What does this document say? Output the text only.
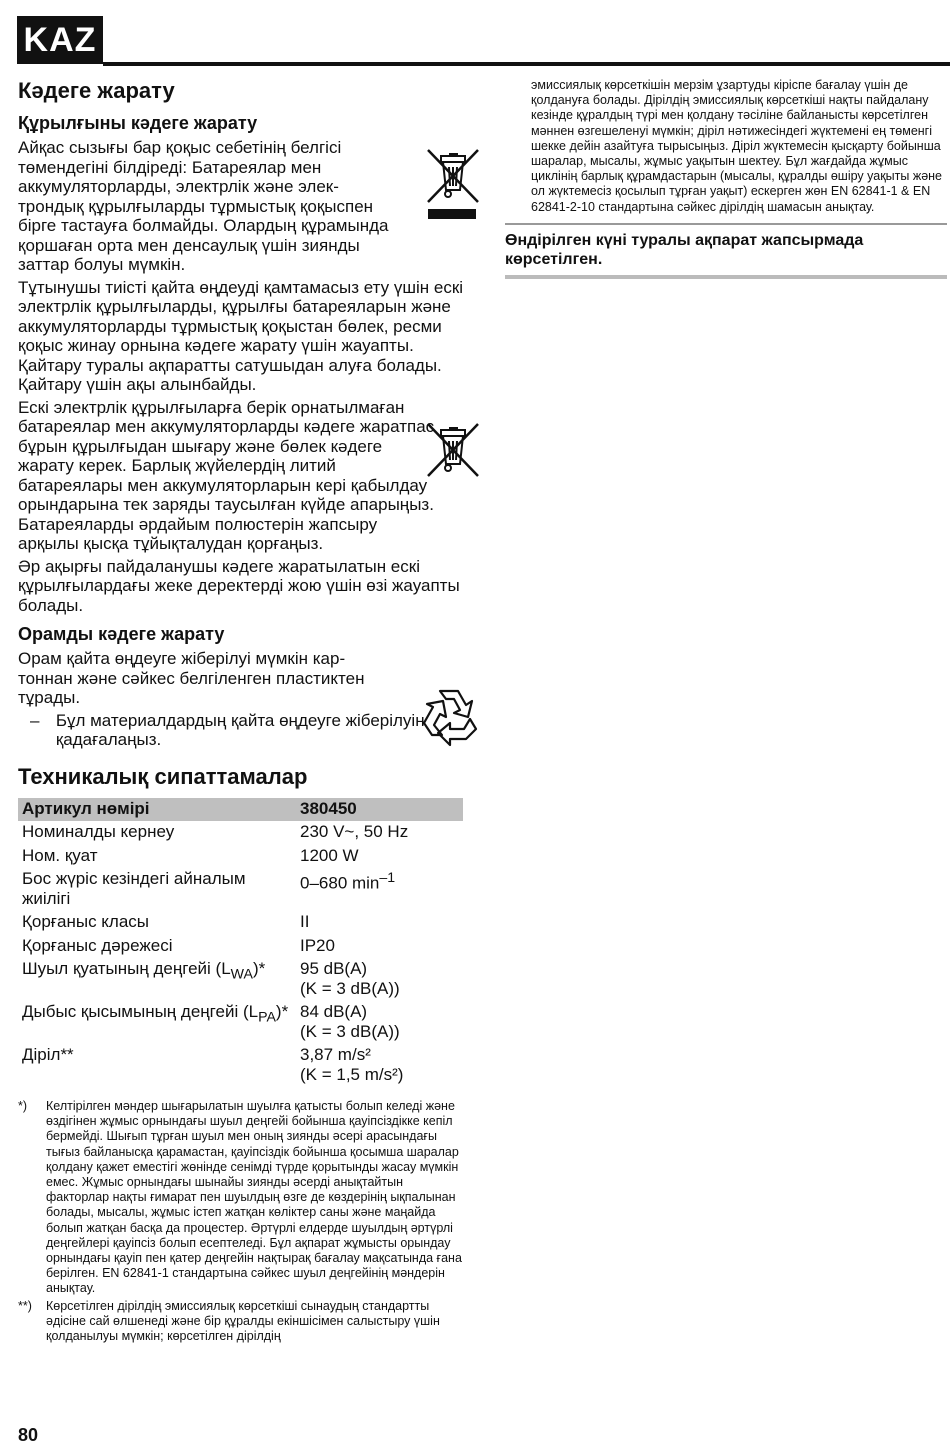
KAZ
Кәдеге жарату
Құрылғыны кәдеге жарату

Айқас сызығы бар қоқыс себетінің белгісі төмендегіні білдіреді: Батареялар мен аккумуляторларды, электрлік және электрондық құрылғыларды тұрмыстық қоқыспен бірге тастауға болмайды. Олардың құрамында қоршаған орта мен денсаулық үшін зиянды заттар болуы мүмкін.

Тұтынушы тиісті қайта өңдеуді қамтамасыз ету үшін ескі электрлік құрылғыларды, құрылғы батареяларын және аккумуляторларды тұрмыстық қоқыстан бөлек, ресми қоқыс жинау орнына кәдеге жарату үшін жауапты. Қайтару туралы ақпаратты сатушыдан алуға болады. Қайтару үшін ақы алынбайды.

Ескі электрлік құрылғыларға берік орнатылмаған батареялар мен аккумуляторларды кәдеге жаратпас бұрын құрылғыдан шығару және бөлек кәдеге жарату керек. Барлық жүйелердің литий батареялары мен аккумуляторларын кері қабылдау орындарына тек заряды таусылған күйде апарыңыз. Батареяларды әрдайым полюстерін жапсыру арқылы қысқа тұйықталудан қорғаңыз.

Әр ақырғы пайдаланушы кәдеге жаратылатын ескі құрылғылардағы жеке деректерді жою үшін өзі жауапты болады.

Орамды кәдеге жарату

Орам қайта өңдеуге жіберілуі мүмкін картоннан және сәйкес белгіленген пластиктен тұрады.

– Бұл материалдардың қайта өңдеуге жіберілуін қадағалаңыз.
Техникалық сипаттамалар
Артикул нөмірі	380450
Номиналды кернеу	230 V~, 50 Hz
Ном. қуат	1200 W
Бос жүріс кезіндегі айналым жиілігі	0–680 $\min^{-1}$
Қорғаныс класы	II
Қорғаныс дәрежесі	IP20
Шуыл қуатының деңгейі $(L_{WA})*$	95 dB(A)
(K = 3 dB(A))
Дыбыс қысымының деңгейі $(L_{PA})*$	84 dB(A)
(K = 3 dB(A))
Діріл**	3,87 m/s²
(K = 1,5 m/s²)
*)	Келтірілген мәндер шығарылатын шуылға қатысты болып келеді және өздігінен жұмыс орнындағы шуыл деңгейі бойынша қауіпсіздікке кепіл бермейді. Шығып тұрған шуыл мен оның зиянды әсері арасындағы тығыз байланысқа қарамастан, қауіпсіздік бойынша қосымша шаралар қолдану қажет еместігі жөнінде сенімді түрде қорытынды жасау мүмкін емес. Жұмыс орнындағы шынайы зиянды әсерді анықтайтын факторлар нақты ғимарат пен шуылдың өзге де көздерінің ықпалынан болады, мысалы, жұмыс істеп жатқан көліктер саны және маңайда болып жатқан басқа да процестер. Әртүрлі елдерде шуылдың әртүрлі деңгейлері қауіпсіз болып есептеледі. Бұл ақпарат жұмысты орындау орнындағы қауіп пен қатер деңгейін нақтырақ бағалау мақсатында ғана берілген. EN 62841-1 стандартына сәйкес шуыл деңгейінің мәндерін анықтау.
**)	Көрсетілген дірілдің эмиссиялық көрсеткіші сынаудың стандартты әдісіне сай өлшенеді және бір құралды екіншісімен салыстыру үшін қолданылуы мүмкін; көрсетілген дірілдің
эмиссиялық көрсеткішін мерзім ұзартуды кіріспе бағалау үшін де қолдануға болады. Дірілдің эмиссиялық көрсеткіші нақты пайдалану кезінде құралдың түрі мен қолдану тәсіліне байланысты көрсетілген мәннен өзгешеленуі мүмкін; діріл нәтижесіндегі жүктемені ең төменгі шекке дейін азайтуға тырысыңыз. Діріл жүктемесін қысқарту бойынша шаралар, мысалы, жұмыс уақытын шектеу. Бұл жағдайда жұмыс циклінің барлық құрамдастарын (мысалы, құралды өшіру уақыты және ол жүктемесіз қосылып тұрған уақыт) ескерген жөн EN 62841-1 & EN 62841-2-10 стандартына сәйкес дірілдің шамасын анықтау.
Өндірілген күні туралы ақпарат жапсырмада көрсетілген.
80
